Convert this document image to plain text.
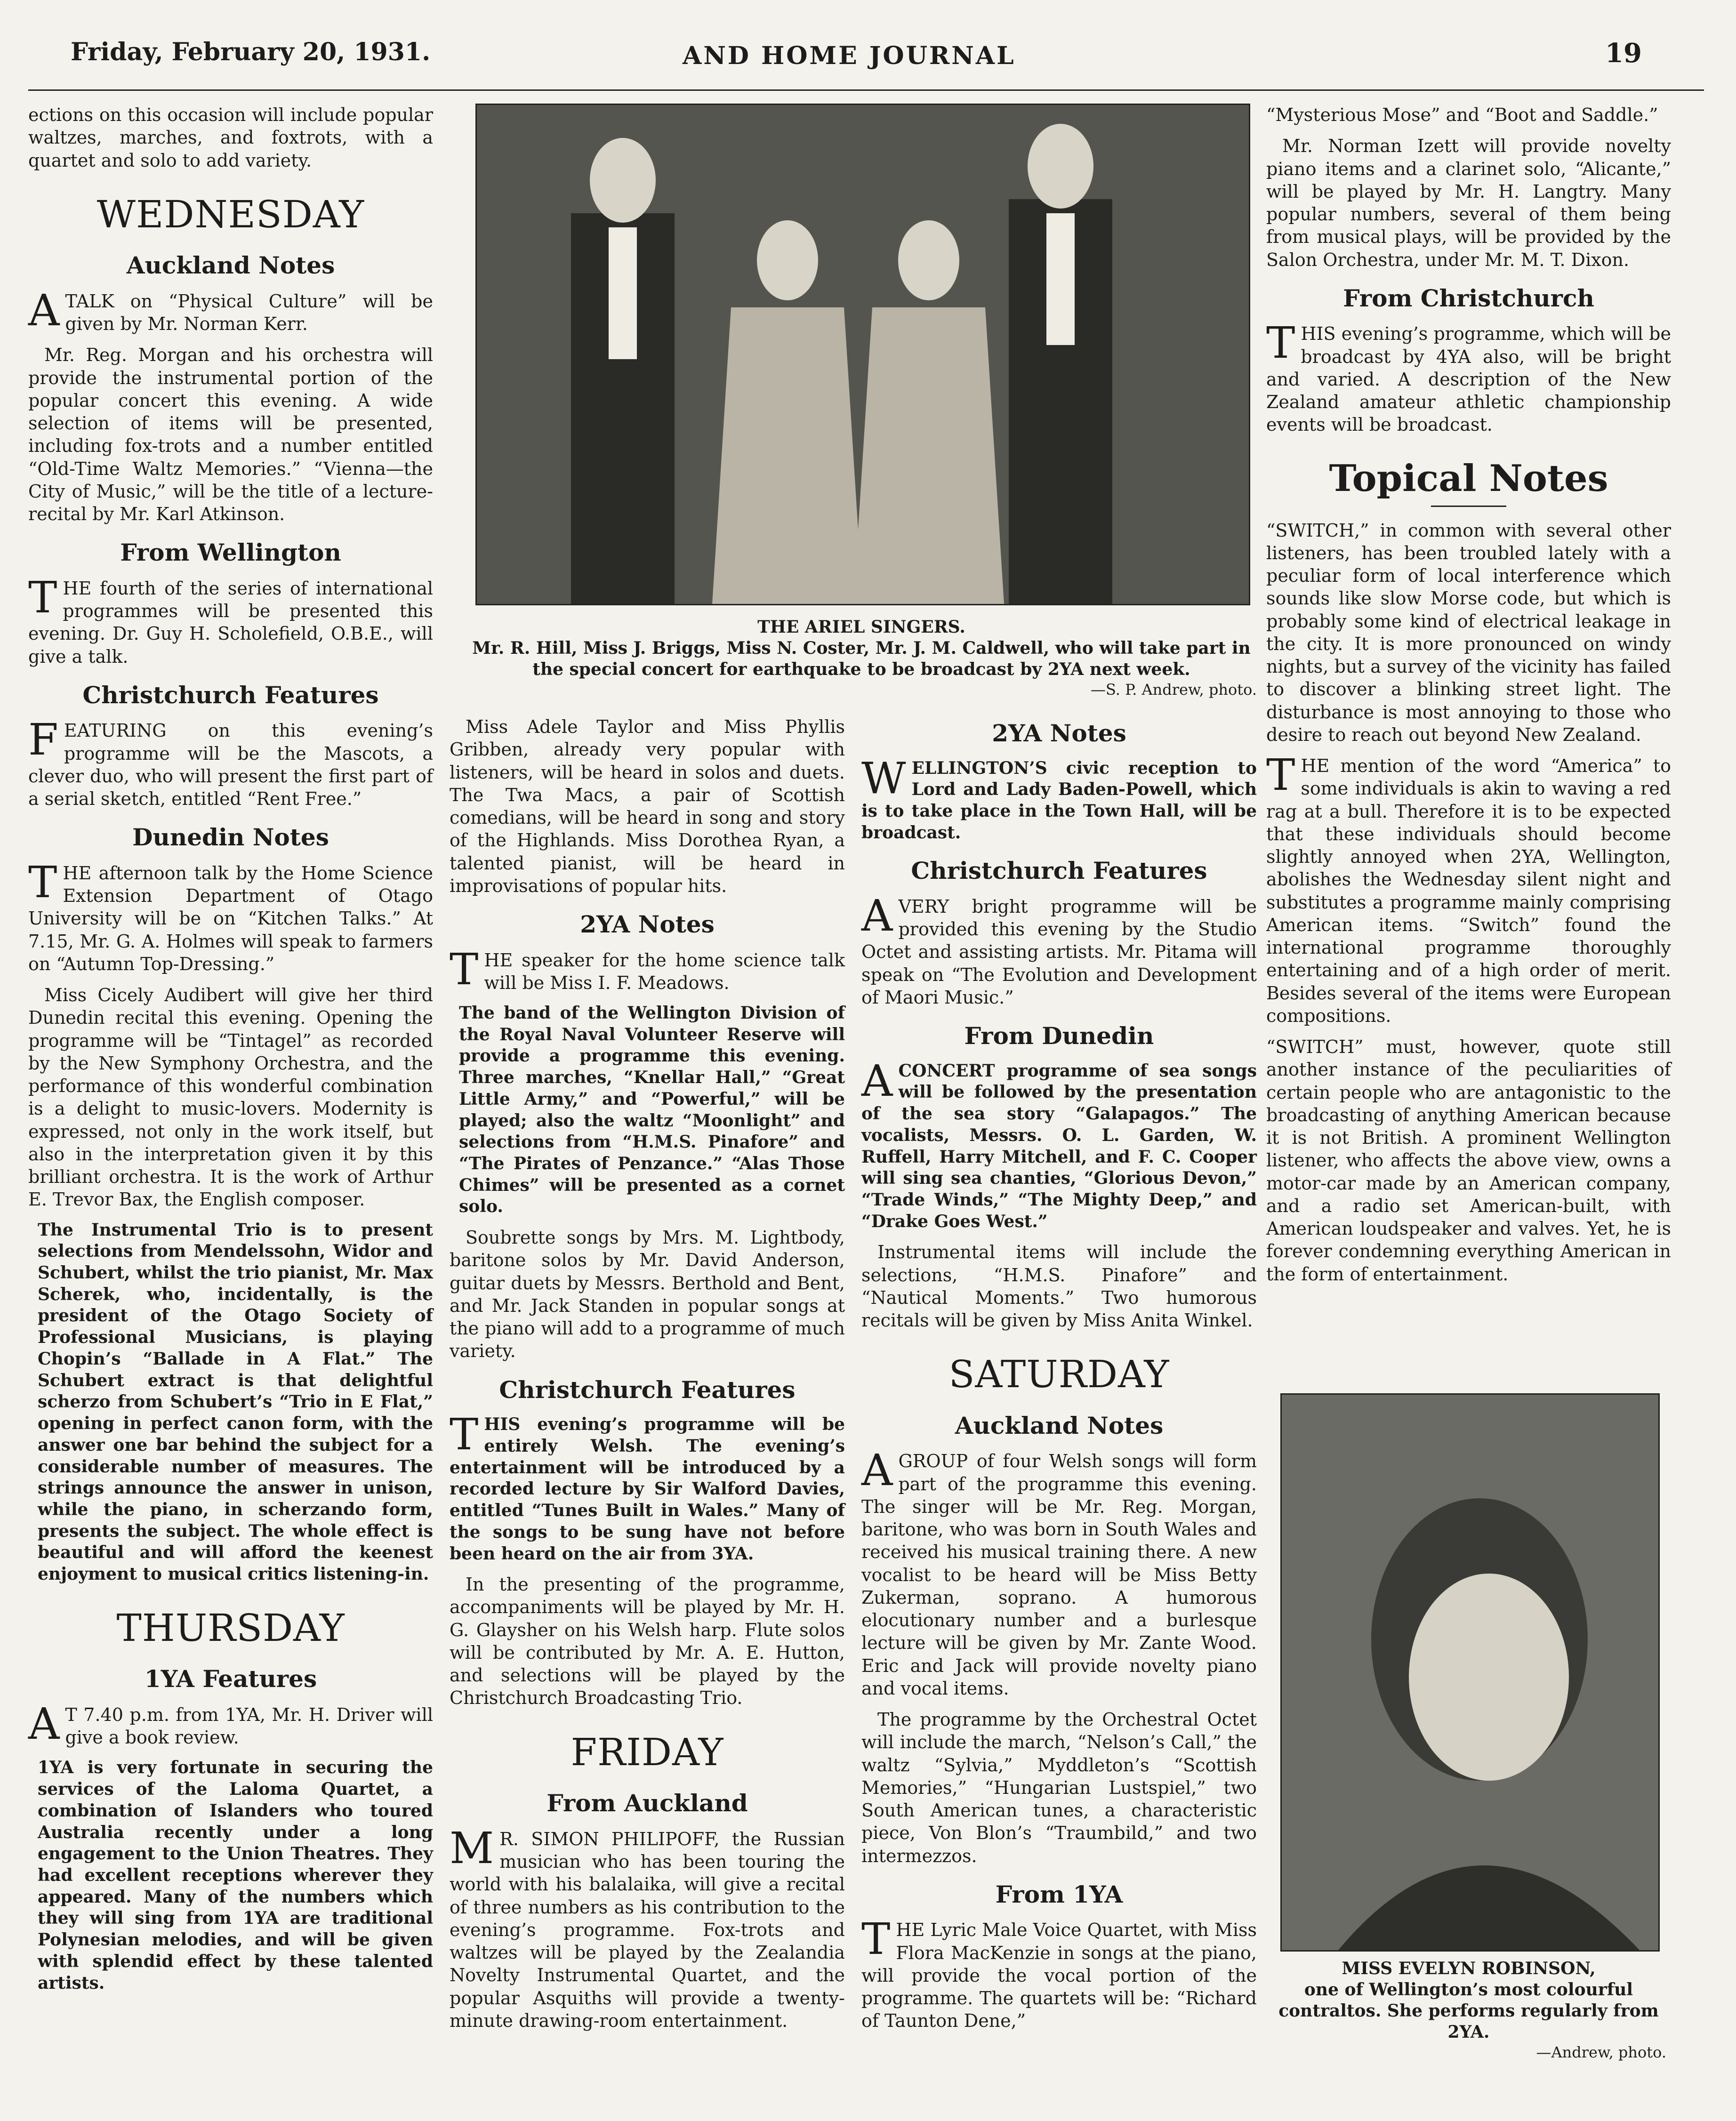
Friday, February 20, 1931.	AND HOME JOURNAL	19

ections on this occasion will include popular waltzes, marches, and foxtrots, with a quartet and solo to add variety.

WEDNESDAY
Auckland Notes

A TALK on “Physical Culture” will be given by Mr. Norman Kerr.

Mr. Reg. Morgan and his orchestra will provide the instrumental portion of the popular concert this evening. A wide selection of items will be presented, including fox-trots and a number entitled “Old-Time Waltz Memories.” “Vienna—the City of Music,” will be the title of a lecture-recital by Mr. Karl Atkinson.

From Wellington

THE fourth of the series of international programmes will be presented this evening. Dr. Guy H. Scholefield, O.B.E., will give a talk.

Christchurch Features

FEATURING on this evening’s programme will be the Mascots, a clever duo, who will present the first part of a serial sketch, entitled “Rent Free.”

Dunedin Notes

THE afternoon talk by the Home Science Extension Department of Otago University will be on “Kitchen Talks.” At 7.15, Mr. G. A. Holmes will speak to farmers on “Autumn Top-Dressing.”

Miss Cicely Audibert will give her third Dunedin recital this evening. Opening the programme will be “Tintagel” as recorded by the New Symphony Orchestra, and the performance of this wonderful combination is a delight to music-lovers. Modernity is expressed, not only in the work itself, but also in the interpretation given it by this brilliant orchestra. It is the work of Arthur E. Trevor Bax, the English composer.

The Instrumental Trio is to present selections from Mendelssohn, Widor and Schubert, whilst the trio pianist, Mr. Max Scherek, who, incidentally, is the president of the Otago Society of Professional Musicians, is playing Chopin’s “Ballade in A Flat.” The Schubert extract is that delightful scherzo from Schubert’s “Trio in E Flat,” opening in perfect canon form, with the answer one bar behind the subject for a considerable number of measures. The strings announce the answer in unison, while the piano, in scherzando form, presents the subject. The whole effect is beautiful and will afford the keenest enjoyment to musical critics listening-in.

THURSDAY
1YA Features

A T 7.40 p.m. from 1YA, Mr. H. Driver will give a book review.

1YA is very fortunate in securing the services of the Laloma Quartet, a combination of Islanders who toured Australia recently under a long engagement to the Union Theatres. They had excellent receptions wherever they appeared. Many of the numbers which they will sing from 1YA are traditional Polynesian melodies, and will be given with splendid effect by these talented artists.

THE ARIEL SINGERS.
Mr. R. Hill, Miss J. Briggs, Miss N. Coster, Mr. J. M. Caldwell, who will take part in the special concert for earthquake to be broadcast by 2YA next week.
—S. P. Andrew, photo.

Miss Adele Taylor and Miss Phyllis Gribben, already very popular with listeners, will be heard in solos and duets. The Twa Macs, a pair of Scottish comedians, will be heard in song and story of the Highlands. Miss Dorothea Ryan, a talented pianist, will be heard in improvisations of popular hits.

2YA Notes

THE speaker for the home science talk will be Miss I. F. Meadows.

The band of the Wellington Division of the Royal Naval Volunteer Reserve will provide a programme this evening. Three marches, “Knellar Hall,” “Great Little Army,” and “Powerful,” will be played; also the waltz “Moonlight” and selections from “H.M.S. Pinafore” and “The Pirates of Penzance.” “Alas Those Chimes” will be presented as a cornet solo.

Soubrette songs by Mrs. M. Lightbody, baritone solos by Mr. David Anderson, guitar duets by Messrs. Berthold and Bent, and Mr. Jack Standen in popular songs at the piano will add to a programme of much variety.

Christchurch Features

THIS evening’s programme will be entirely Welsh. The evening’s entertainment will be introduced by a recorded lecture by Sir Walford Davies, entitled “Tunes Built in Wales.” Many of the songs to be sung have not before been heard on the air from 3YA.

In the presenting of the programme, accompaniments will be played by Mr. H. G. Glaysher on his Welsh harp. Flute solos will be contributed by Mr. A. E. Hutton, and selections will be played by the Christchurch Broadcasting Trio.

FRIDAY
From Auckland

M R. SIMON PHILIPOFF, the Russian musician who has been touring the world with his balalaika, will give a recital of three numbers as his contribution to the evening’s programme. Fox-trots and waltzes will be played by the Zealandia Novelty Instrumental Quartet, and the popular Asquiths will provide a twenty-minute drawing-room entertainment.

2YA Notes

WELLINGTON’S civic reception to Lord and Lady Baden-Powell, which is to take place in the Town Hall, will be broadcast.

Christchurch Features

A VERY bright programme will be provided this evening by the Studio Octet and assisting artists. Mr. Pitama will speak on “The Evolution and Development of Maori Music.”

From Dunedin

A CONCERT programme of sea songs will be followed by the presentation of the sea story “Galapagos.” The vocalists, Messrs. O. L. Garden, W. Ruffell, Harry Mitchell, and F. C. Cooper will sing sea chanties, “Glorious Devon,” “Trade Winds,” “The Mighty Deep,” and “Drake Goes West.”

Instrumental items will include the selections, “H.M.S. Pinafore” and “Nautical Moments.” Two humorous recitals will be given by Miss Anita Winkel.

SATURDAY
Auckland Notes

A GROUP of four Welsh songs will form part of the programme this evening. The singer will be Mr. Reg. Morgan, baritone, who was born in South Wales and received his musical training there. A new vocalist to be heard will be Miss Betty Zukerman, soprano. A humorous elocutionary number and a burlesque lecture will be given by Mr. Zante Wood. Eric and Jack will provide novelty piano and vocal items.

The programme by the Orchestral Octet will include the march, “Nelson’s Call,” the waltz “Sylvia,” Myddleton’s “Scottish Memories,” “Hungarian Lustspiel,” two South American tunes, a characteristic piece, Von Blon’s “Traumbild,” and two intermezzos.

From 1YA

THE Lyric Male Voice Quartet, with Miss Flora MacKenzie in songs at the piano, will provide the vocal portion of the programme. The quartets will be: “Richard of Taunton Dene,”

“Mysterious Mose” and “Boot and Saddle.”

Mr. Norman Izett will provide novelty piano items and a clarinet solo, “Alicante,” will be played by Mr. H. Langtry. Many popular numbers, several of them being from musical plays, will be provided by the Salon Orchestra, under Mr. M. T. Dixon.

From Christchurch

THIS evening’s programme, which will be broadcast by 4YA also, will be bright and varied. A description of the New Zealand amateur athletic championship events will be broadcast.

Topical Notes

“SWITCH,” in common with several other listeners, has been troubled lately with a peculiar form of local interference which sounds like slow Morse code, but which is probably some kind of electrical leakage in the city. It is more pronounced on windy nights, but a survey of the vicinity has failed to discover a blinking street light. The disturbance is most annoying to those who desire to reach out beyond New Zealand.

THE mention of the word “America” to some individuals is akin to waving a red rag at a bull. Therefore it is to be expected that these individuals should become slightly annoyed when 2YA, Wellington, abolishes the Wednesday silent night and substitutes a programme mainly comprising American items. “Switch” found the international programme thoroughly entertaining and of a high order of merit. Besides several of the items were European compositions.

“SWITCH” must, however, quote still another instance of the peculiarities of certain people who are antagonistic to the broadcasting of anything American because it is not British. A prominent Wellington listener, who affects the above view, owns a motor-car made by an American company, and a radio set American-built, with American loudspeaker and valves. Yet, he is forever condemning everything American in the form of entertainment.

MISS EVELYN ROBINSON,
one of Wellington’s most colourful contraltos. She performs regularly from 2YA.
—Andrew, photo.
